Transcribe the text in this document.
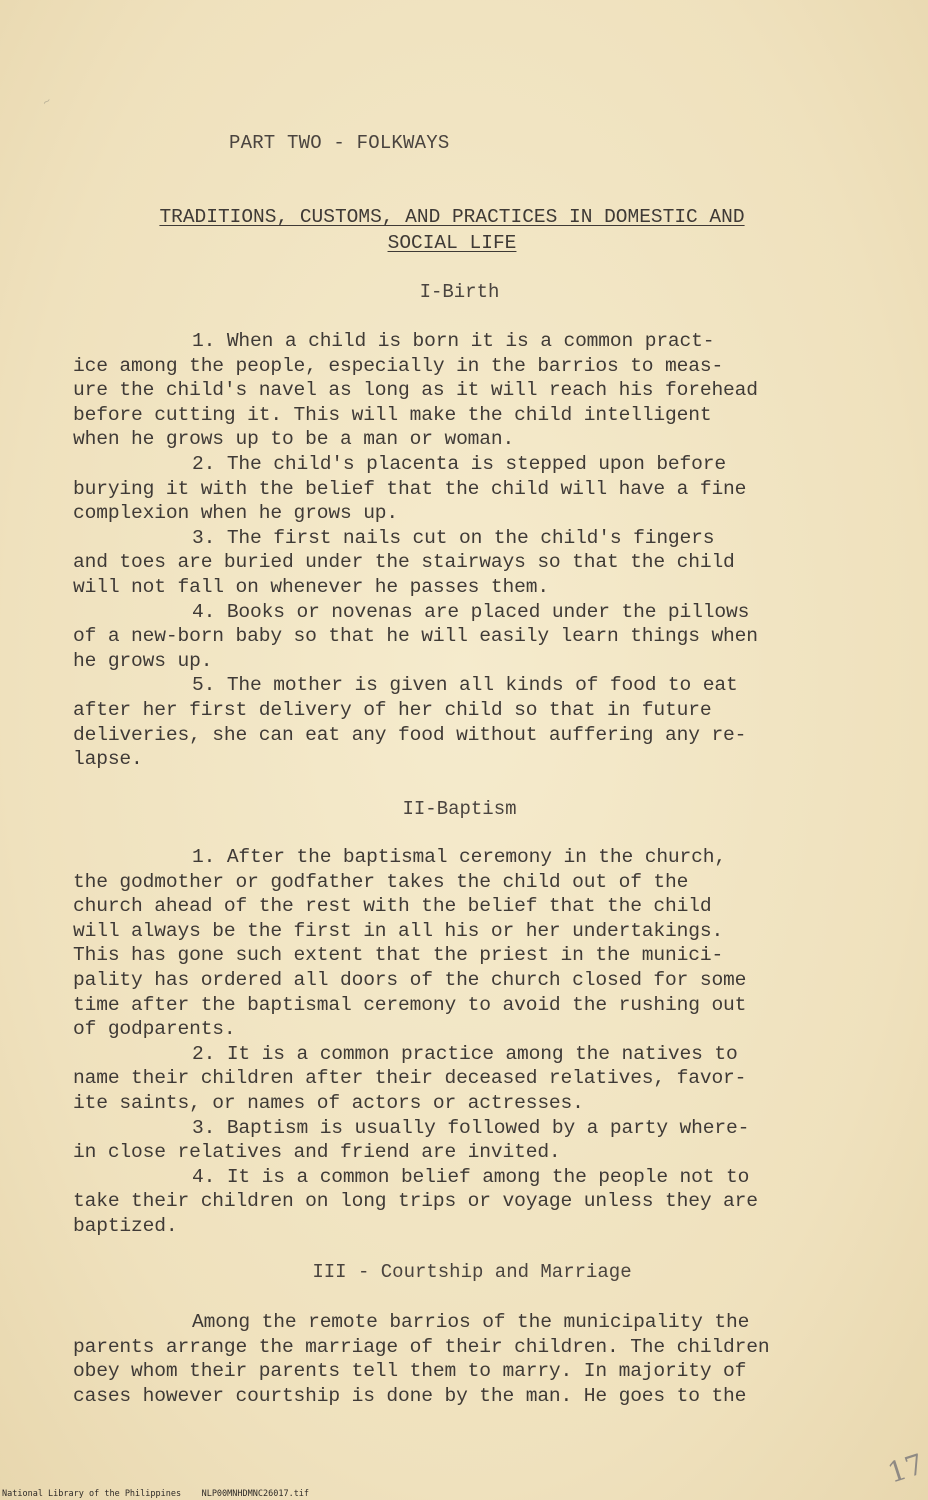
PART TWO - FOLKWAYS
TRADITIONS, CUSTOMS, AND PRACTICES IN DOMESTIC AND
SOCIAL LIFE
I-Birth
1. When a child is born it is a common pract-
ice among the people, especially in the barrios to meas-
ure the child's navel as long as it will reach his forehead
before cutting it. This will make the child intelligent
when he grows up to be a man or woman.
2. The child's placenta is stepped upon before
burying it with the belief that the child will have a fine
complexion when he grows up.
3. The first nails cut on the child's fingers
and toes are buried under the stairways so that the child
will not fall on whenever he passes them.
4. Books or novenas are placed under the pillows
of a new-born baby so that he will easily learn things when
he grows up.
5. The mother is given all kinds of food to eat
after her first delivery of her child so that in future
deliveries, she can eat any food without auffering any re-
lapse.
II-Baptism
1. After the baptismal ceremony in the church,
the godmother or godfather takes the child out of the
church ahead of the rest with the belief that the child
will always be the first in all his or her undertakings.
This has gone such extent that the priest in the munici-
pality has ordered all doors of the church closed for some
time after the baptismal ceremony to avoid the rushing out
of godparents.
2. It is a common practice among the natives to
name their children after their deceased relatives, favor-
ite saints, or names of actors or actresses.
3. Baptism is usually followed by a party where-
in close relatives and friend are invited.
4. It is a common belief among the people not to
take their children on long trips or voyage unless they are
baptized.
III - Courtship and Marriage
Among the remote barrios of the municipality the
parents arrange the marriage of their children. The children
obey whom their parents tell them to marry. In majority of
cases however courtship is done by the man. He goes to the
~
17
National Library of the Philippines    NLP00MNHDMNC26017.tif
